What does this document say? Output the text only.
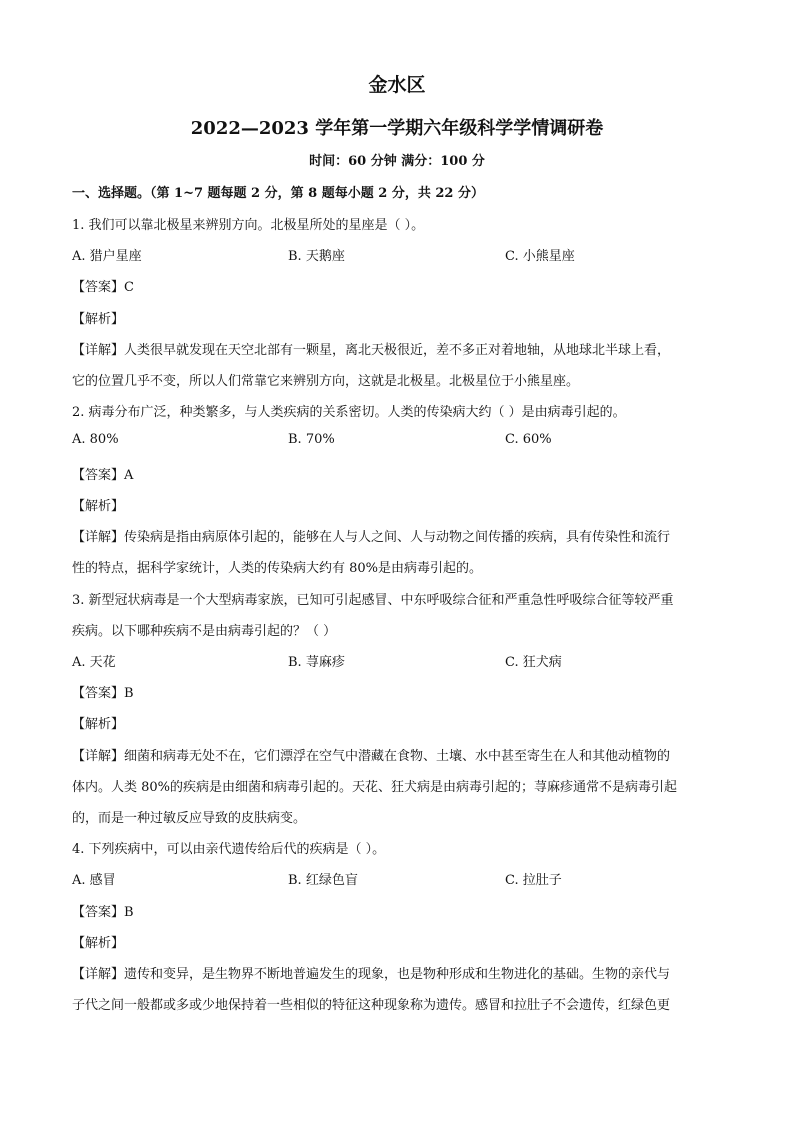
金水区
2022—2023 学年第一学期六年级科学学情调研卷
时间：60 分钟 满分：100 分
一、选择题。（第 1~7 题每题 2 分，第 8 题每小题 2 分，共 22 分）
1. 我们可以靠北极星来辨别方向。北极星所处的星座是（ ）。
A. 猎户星座	B. 天鹅座	C. 小熊星座
【答案】C
【解析】
【详解】人类很早就发现在天空北部有一颗星，离北天极很近，差不多正对着地轴，从地球北半球上看，
它的位置几乎不变，所以人们常靠它来辨别方向，这就是北极星。北极星位于小熊星座。
2. 病毒分布广泛，种类繁多，与人类疾病的关系密切。人类的传染病大约（ ）是由病毒引起的。
A. 80%	B. 70%	C. 60%
【答案】A
【解析】
【详解】传染病是指由病原体引起的，能够在人与人之间、人与动物之间传播的疾病，具有传染性和流行
性的特点，据科学家统计，人类的传染病大约有 80%是由病毒引起的。
3. 新型冠状病毒是一个大型病毒家族，已知可引起感冒、中东呼吸综合征和严重急性呼吸综合征等较严重
疾病。以下哪种疾病不是由病毒引起的？（ ）
A. 天花	B. 荨麻疹	C. 狂犬病
【答案】B
【解析】
【详解】细菌和病毒无处不在，它们漂浮在空气中潜藏在食物、土壤、水中甚至寄生在人和其他动植物的
体内。人类 80%的疾病是由细菌和病毒引起的。天花、狂犬病是由病毒引起的；荨麻疹通常不是病毒引起
的，而是一种过敏反应导致的皮肤病变。
4. 下列疾病中，可以由亲代遗传给后代的疾病是（ ）。
A. 感冒	B. 红绿色盲	C. 拉肚子
【答案】B
【解析】
【详解】遗传和变异，是生物界不断地普遍发生的现象，也是物种形成和生物进化的基础。生物的亲代与
子代之间一般都或多或少地保持着一些相似的特征这种现象称为遗传。感冒和拉肚子不会遗传，红绿色更
